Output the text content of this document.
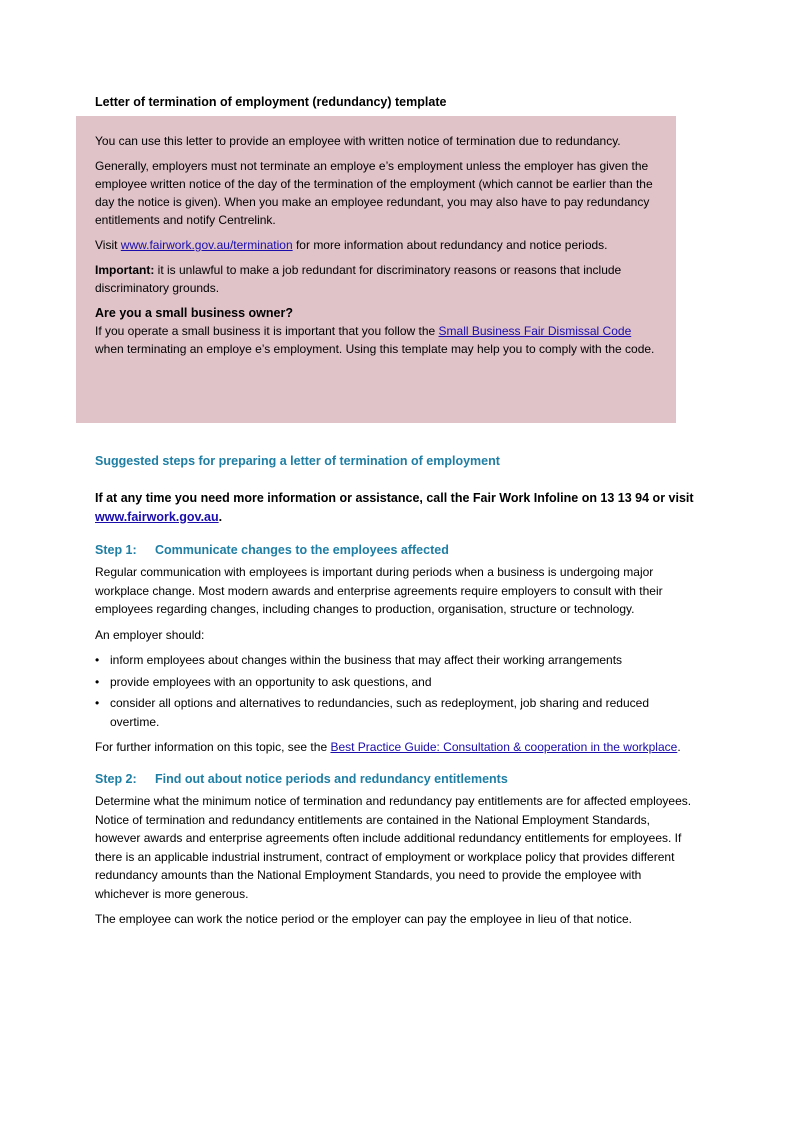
Letter of termination of employment (redundancy) template

You can use this letter to provide an employee with written notice of termination due to redundancy.

Generally, employers must not terminate an employe e’s employment unless the employer has given the employee written notice of the day of the termination of the employment (which cannot be earlier than the day the notice is given). When you make an employee redundant, you may also have to pay redundancy entitlements and notify Centrelink.

Visit www.fairwork.gov.au/termination for more information about redundancy and notice periods.

Important: it is unlawful to make a job redundant for discriminatory reasons or reasons that include discriminatory grounds.

Are you a small business owner?

If you operate a small business it is important that you follow the Small Business Fair Dismissal Code when terminating an employe e’s employment. Using this template may help you to comply with the code.

Suggested steps for preparing a letter of termination of employment
If at any time you need more information or assistance, call the Fair Work Infoline on 13 13 94 or visit www.fairwork.gov.au.
Step 1: Communicate changes to the employees affected

Regular communication with employees is important during periods when a business is undergoing major workplace change. Most modern awards and enterprise agreements require employers to consult with their employees regarding changes, including changes to production, organisation, structure or technology.

An employer should:

• inform employees about changes within the business that may affect their working arrangements
• provide employees with an opportunity to ask questions, and
• consider all options and alternatives to redundancies, such as redeployment, job sharing and reduced overtime.

For further information on this topic, see the Best Practice Guide: Consultation & cooperation in the workplace.

Step 2: Find out about notice periods and redundancy entitlements

Determine what the minimum notice of termination and redundancy pay entitlements are for affected employees. Notice of termination and redundancy entitlements are contained in the National Employment Standards, however awards and enterprise agreements often include additional redundancy entitlements for employees. If there is an applicable industrial instrument, contract of employment or workplace policy that provides different redundancy amounts than the National Employment Standards, you need to provide the employee with whichever is more generous.

The employee can work the notice period or the employer can pay the employee in lieu of that notice.
